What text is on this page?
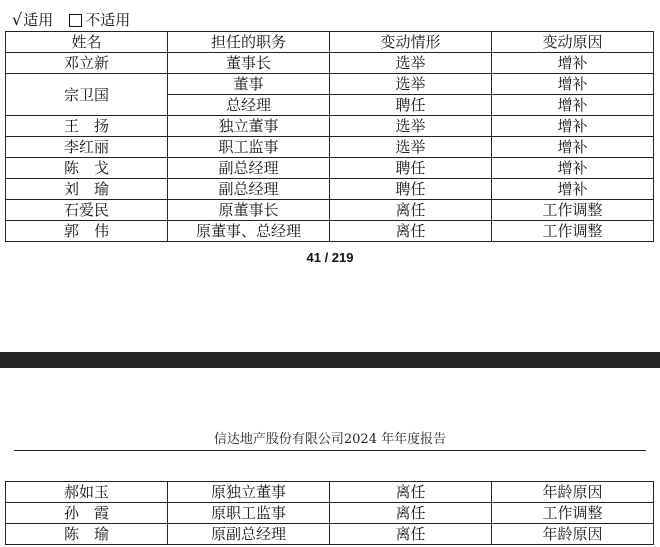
√ 适用 不适用
姓名	担任的职务	变动情形	变动原因
邓立新	董事长	选举	增补
宗卫国	董事	选举	增补
	总经理	聘任	增补
王　扬	独立董事	选举	增补
李红丽	职工监事	选举	增补
陈　戈	副总经理	聘任	增补
刘　瑜	副总经理	聘任	增补
石爱民	原董事长	离任	工作调整
郭　伟	原董事、总经理	离任	工作调整
41 / 219
信达地产股份有限公司2024 年年度报告
郝如玉	原独立董事	离任	年龄原因
孙　霞	原职工监事	离任	工作调整
陈　瑜	原副总经理	离任	年龄原因
